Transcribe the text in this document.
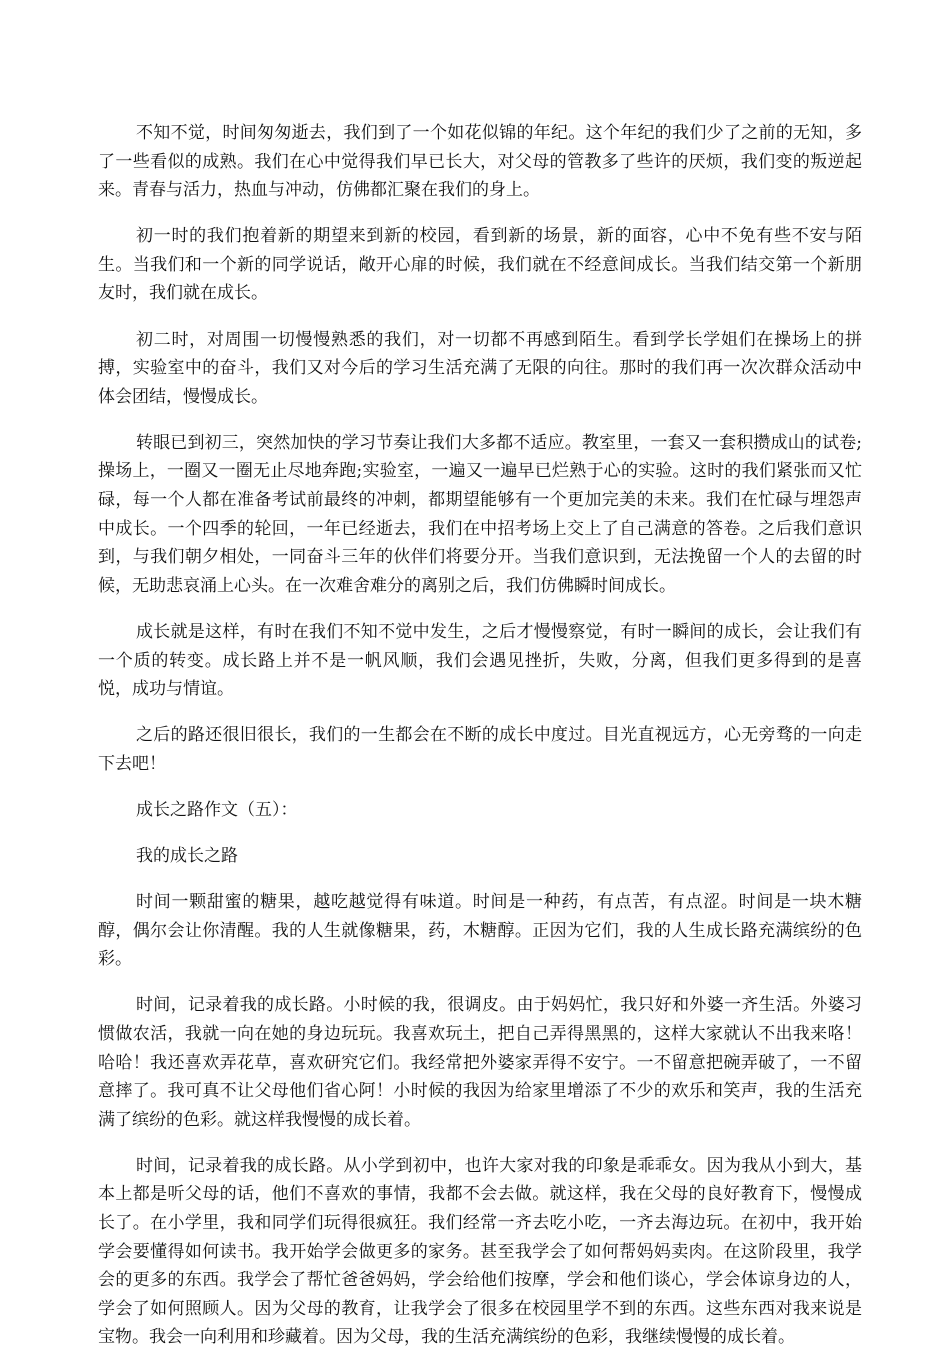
不知不觉，时间匆匆逝去，我们到了一个如花似锦的年纪。这个年纪的我们少了之前的无知，多了一些看似的成熟。我们在心中觉得我们早已长大，对父母的管教多了些许的厌烦，我们变的叛逆起来。青春与活力，热血与冲动，仿佛都汇聚在我们的身上。

初一时的我们抱着新的期望来到新的校园，看到新的场景，新的面容，心中不免有些不安与陌生。当我们和一个新的同学说话，敞开心扉的时候，我们就在不经意间成长。当我们结交第一个新朋友时，我们就在成长。

初二时，对周围一切慢慢熟悉的我们，对一切都不再感到陌生。看到学长学姐们在操场上的拼搏，实验室中的奋斗，我们又对今后的学习生活充满了无限的向往。那时的我们再一次次群众活动中体会团结，慢慢成长。

转眼已到初三，突然加快的学习节奏让我们大多都不适应。教室里，一套又一套积攒成山的试卷;操场上，一圈又一圈无止尽地奔跑;实验室，一遍又一遍早已烂熟于心的实验。这时的我们紧张而又忙碌，每一个人都在准备考试前最终的冲刺，都期望能够有一个更加完美的未来。我们在忙碌与埋怨声中成长。一个四季的轮回，一年已经逝去，我们在中招考场上交上了自己满意的答卷。之后我们意识到，与我们朝夕相处，一同奋斗三年的伙伴们将要分开。当我们意识到，无法挽留一个人的去留的时候，无助悲哀涌上心头。在一次难舍难分的离别之后，我们仿佛瞬时间成长。

成长就是这样，有时在我们不知不觉中发生，之后才慢慢察觉，有时一瞬间的成长，会让我们有一个质的转变。成长路上并不是一帆风顺，我们会遇见挫折，失败，分离，但我们更多得到的是喜悦，成功与情谊。

之后的路还很旧很长，我们的一生都会在不断的成长中度过。目光直视远方，心无旁骛的一向走下去吧！

成长之路作文（五）：

我的成长之路

时间一颗甜蜜的糖果，越吃越觉得有味道。时间是一种药，有点苦，有点涩。时间是一块木糖醇，偶尔会让你清醒。我的人生就像糖果，药，木糖醇。正因为它们，我的人生成长路充满缤纷的色彩。

时间，记录着我的成长路。小时候的我，很调皮。由于妈妈忙，我只好和外婆一齐生活。外婆习惯做农活，我就一向在她的身边玩玩。我喜欢玩土，把自己弄得黑黑的，这样大家就认不出我来咯！哈哈！我还喜欢弄花草，喜欢研究它们。我经常把外婆家弄得不安宁。一不留意把碗弄破了，一不留意摔了。我可真不让父母他们省心阿！小时候的我因为给家里增添了不少的欢乐和笑声，我的生活充满了缤纷的色彩。就这样我慢慢的成长着。

时间，记录着我的成长路。从小学到初中，也许大家对我的印象是乖乖女。因为我从小到大，基本上都是听父母的话，他们不喜欢的事情，我都不会去做。就这样，我在父母的良好教育下，慢慢成长了。在小学里，我和同学们玩得很疯狂。我们经常一齐去吃小吃，一齐去海边玩。在初中，我开始学会要懂得如何读书。我开始学会做更多的家务。甚至我学会了如何帮妈妈卖肉。在这阶段里，我学会的更多的东西。我学会了帮忙爸爸妈妈，学会给他们按摩，学会和他们谈心，学会体谅身边的人，学会了如何照顾人。因为父母的教育，让我学会了很多在校园里学不到的东西。这些东西对我来说是宝物。我会一向利用和珍藏着。因为父母，我的生活充满缤纷的色彩，我继续慢慢的成长着。
